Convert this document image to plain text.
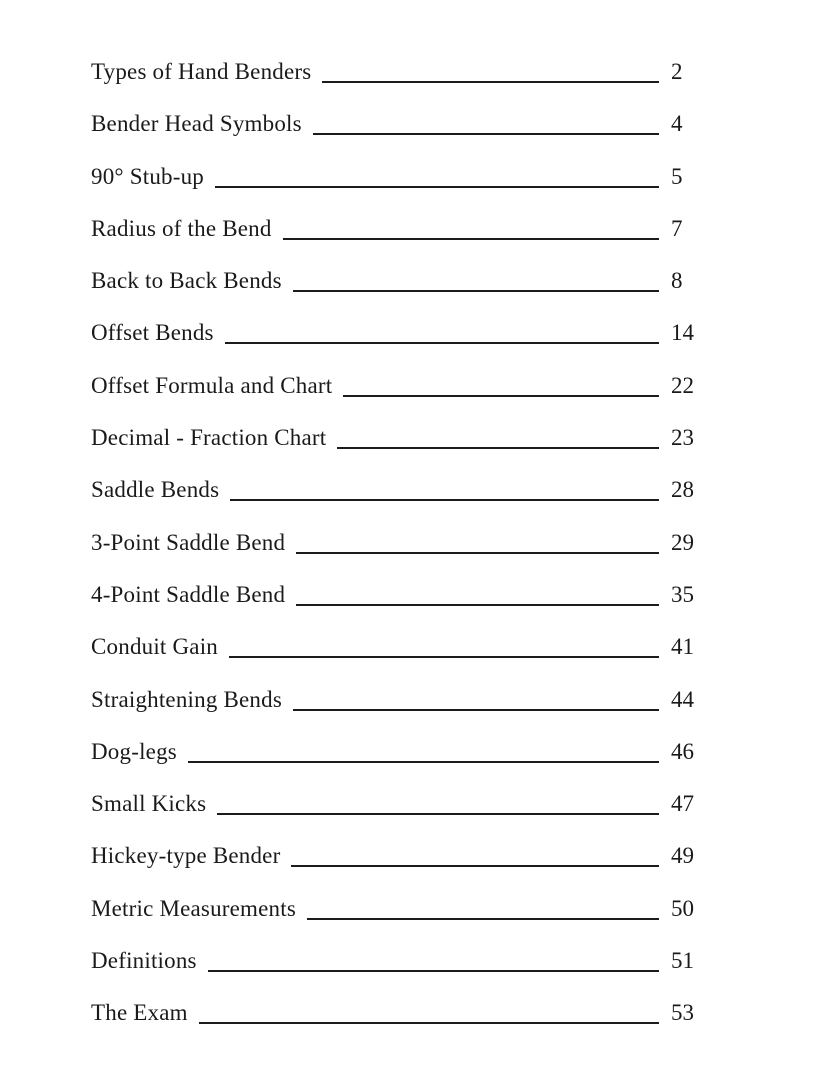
Types of Hand Benders	2
Bender Head Symbols	4
90° Stub-up	5
Radius of the Bend	7
Back to Back Bends	8
Offset Bends	14
Offset Formula and Chart	22
Decimal - Fraction Chart	23
Saddle Bends	28
3-Point Saddle Bend	29
4-Point Saddle Bend	35
Conduit Gain	41
Straightening Bends	44
Dog-legs	46
Small Kicks	47
Hickey-type Bender	49
Metric Measurements	50
Definitions	51
The Exam	53
